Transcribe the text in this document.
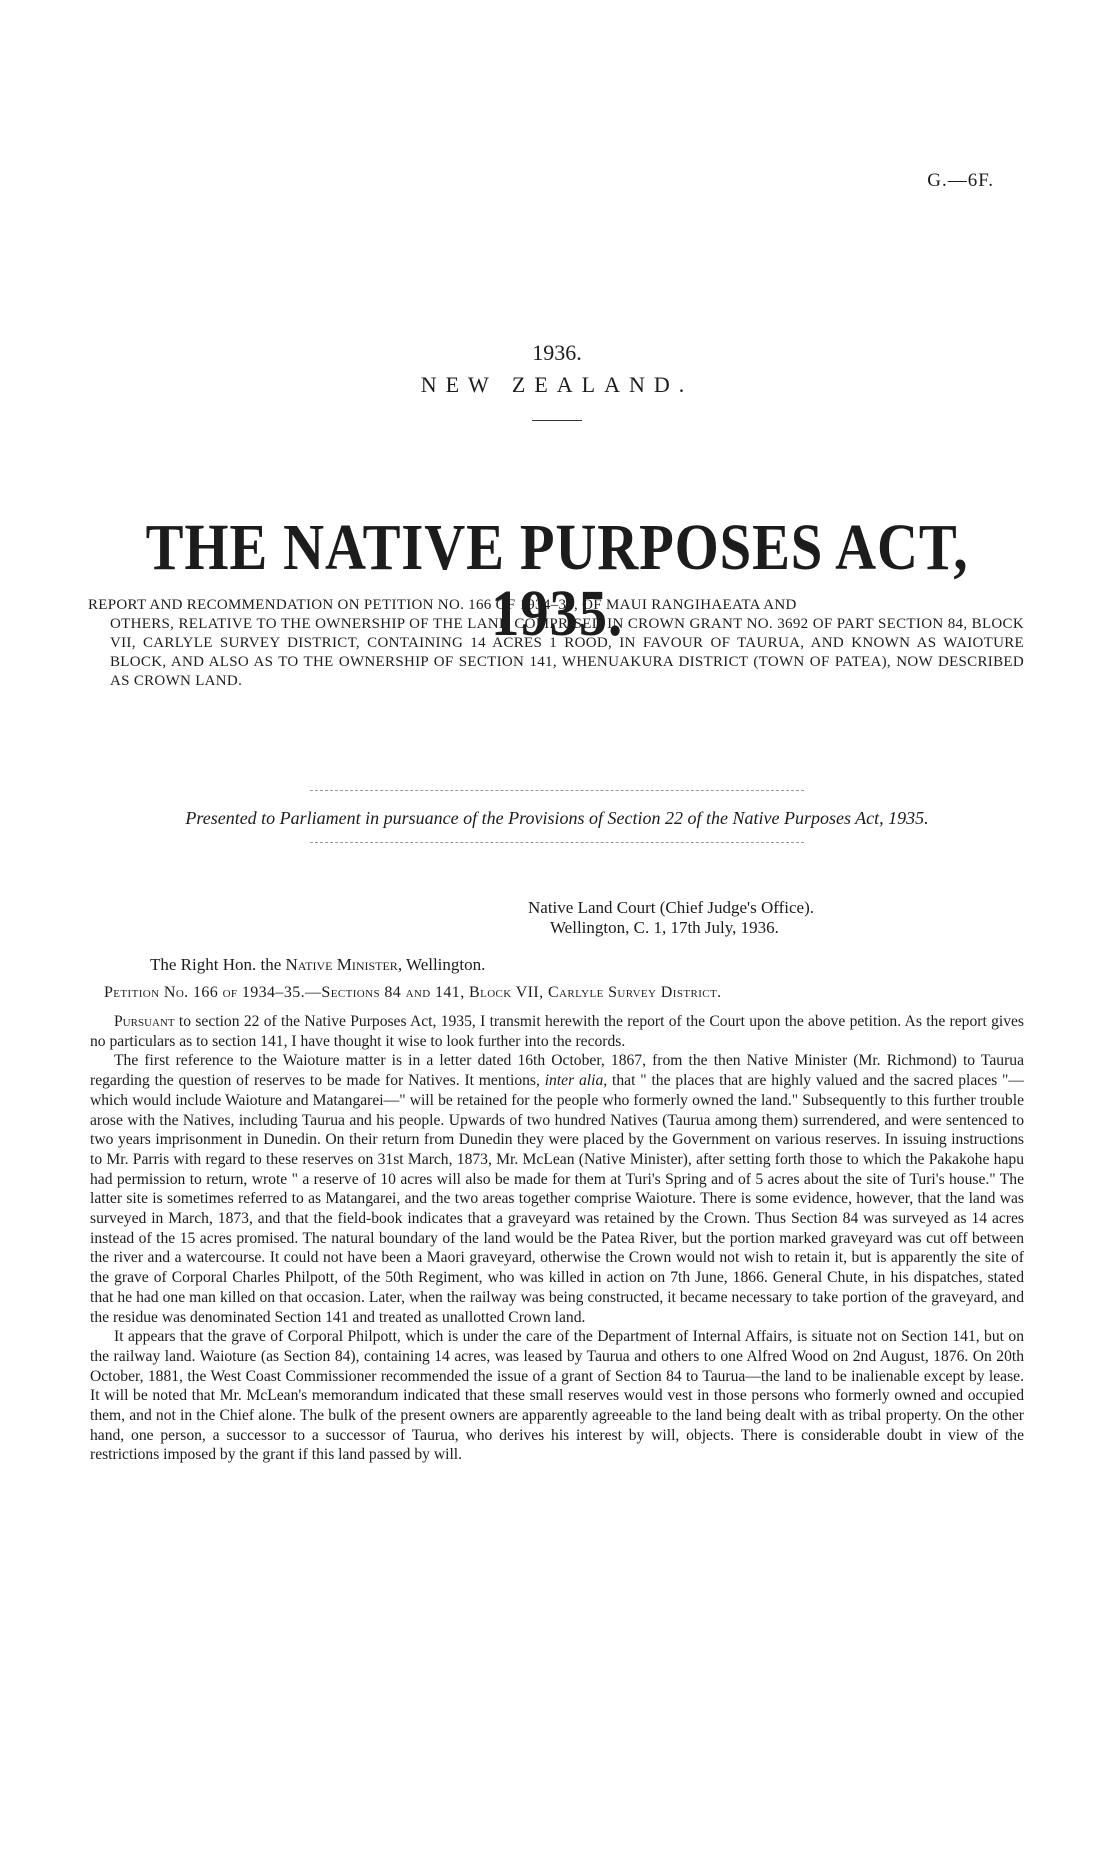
G.—6F.
1936.
NEW ZEALAND.
THE NATIVE PURPOSES ACT, 1935.
REPORT AND RECOMMENDATION ON PETITION NO. 166 OF 1934–35, OF MAUI RANGIHAEATA AND
OTHERS, RELATIVE TO THE OWNERSHIP OF THE LAND COMPRISED IN CROWN GRANT NO. 3692 OF PART SECTION 84, BLOCK VII, CARLYLE SURVEY DISTRICT, CONTAINING 14 ACRES 1 ROOD, IN FAVOUR OF TAURUA, AND KNOWN AS WAIOTURE BLOCK, AND ALSO AS TO THE OWNERSHIP OF SECTION 141, WHENUAKURA DISTRICT (TOWN OF PATEA), NOW DESCRIBED AS CROWN LAND.
Presented to Parliament in pursuance of the Provisions of Section 22 of the Native Purposes Act, 1935.
Native Land Court (Chief Judge's Office).
Wellington, C. 1, 17th July, 1936.
The Right Hon. the Native Minister, Wellington.
Petition No. 166 of 1934–35.—Sections 84 and 141, Block VII, Carlyle Survey District.

Pursuant to section 22 of the Native Purposes Act, 1935, I transmit herewith the report of the Court upon the above petition. As the report gives no particulars as to section 141, I have thought it wise to look further into the records.

The first reference to the Waioture matter is in a letter dated 16th October, 1867, from the then Native Minister (Mr. Richmond) to Taurua regarding the question of reserves to be made for Natives. It mentions, inter alia, that " the places that are highly valued and the sacred places "—which would include Waioture and Matangarei—" will be retained for the people who formerly owned the land." Subsequently to this further trouble arose with the Natives, including Taurua and his people. Upwards of two hundred Natives (Taurua among them) surrendered, and were sentenced to two years imprisonment in Dunedin. On their return from Dunedin they were placed by the Government on various reserves. In issuing instructions to Mr. Parris with regard to these reserves on 31st March, 1873, Mr. McLean (Native Minister), after setting forth those to which the Pakakohe hapu had permission to return, wrote " a reserve of 10 acres will also be made for them at Turi's Spring and of 5 acres about the site of Turi's house." The latter site is sometimes referred to as Matangarei, and the two areas together comprise Waioture. There is some evidence, however, that the land was surveyed in March, 1873, and that the field-book indicates that a graveyard was retained by the Crown. Thus Section 84 was surveyed as 14 acres instead of the 15 acres promised. The natural boundary of the land would be the Patea River, but the portion marked graveyard was cut off between the river and a watercourse. It could not have been a Maori graveyard, otherwise the Crown would not wish to retain it, but is apparently the site of the grave of Corporal Charles Philpott, of the 50th Regiment, who was killed in action on 7th June, 1866. General Chute, in his dispatches, stated that he had one man killed on that occasion. Later, when the railway was being constructed, it became necessary to take portion of the graveyard, and the residue was denominated Section 141 and treated as unallotted Crown land.

It appears that the grave of Corporal Philpott, which is under the care of the Department of Internal Affairs, is situate not on Section 141, but on the railway land. Waioture (as Section 84), containing 14 acres, was leased by Taurua and others to one Alfred Wood on 2nd August, 1876. On 20th October, 1881, the West Coast Commissioner recommended the issue of a grant of Section 84 to Taurua—the land to be inalienable except by lease. It will be noted that Mr. McLean's memorandum indicated that these small reserves would vest in those persons who formerly owned and occupied them, and not in the Chief alone. The bulk of the present owners are apparently agreeable to the land being dealt with as tribal property. On the other hand, one person, a successor to a successor of Taurua, who derives his interest by will, objects. There is considerable doubt in view of the restrictions imposed by the grant if this land passed by will.
